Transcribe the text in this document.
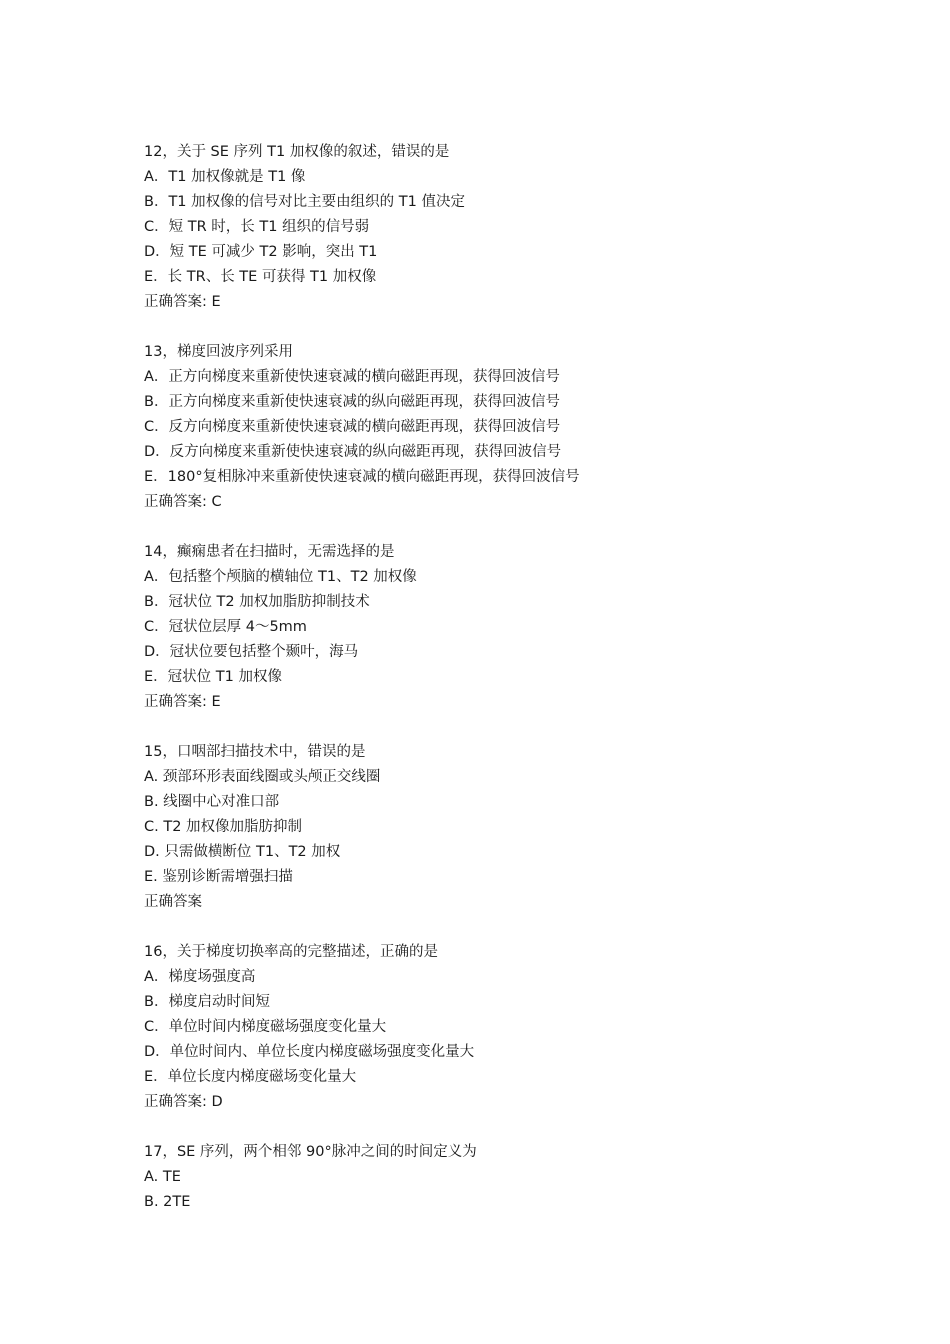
12，关于 SE 序列 T1 加权像的叙述，错误的是
A．T1 加权像就是 T1 像
B．T1 加权像的信号对比主要由组织的 T1 值决定
C．短 TR 时，长 T1 组织的信号弱
D．短 TE 可减少 T2 影响，突出 T1
E．长 TR、长 TE 可获得 T1 加权像
正确答案: E
13，梯度回波序列采用
A．正方向梯度来重新使快速衰减的横向磁距再现，获得回波信号
B．正方向梯度来重新使快速衰减的纵向磁距再现，获得回波信号
C．反方向梯度来重新使快速衰减的横向磁距再现，获得回波信号
D．反方向梯度来重新使快速衰减的纵向磁距再现，获得回波信号
E．180°复相脉冲来重新使快速衰减的横向磁距再现，获得回波信号
正确答案: C
14，癫痫患者在扫描时，无需选择的是
A．包括整个颅脑的横轴位 T1、T2 加权像
B．冠状位 T2 加权加脂肪抑制技术
C．冠状位层厚 4～5mm
D．冠状位要包括整个颞叶，海马
E．冠状位 T1 加权像
正确答案: E
15，口咽部扫描技术中，错误的是
A. 颈部环形表面线圈或头颅正交线圈
B. 线圈中心对准口部
C. T2 加权像加脂肪抑制
D. 只需做横断位 T1、T2 加权
E. 鉴别诊断需增强扫描
正确答案
16，关于梯度切换率高的完整描述，正确的是
A．梯度场强度高
B．梯度启动时间短
C．单位时间内梯度磁场强度变化量大
D．单位时间内、单位长度内梯度磁场强度变化量大
E．单位长度内梯度磁场变化量大
正确答案: D
17，SE 序列，两个相邻 90°脉冲之间的时间定义为
A. TE
B. 2TE
